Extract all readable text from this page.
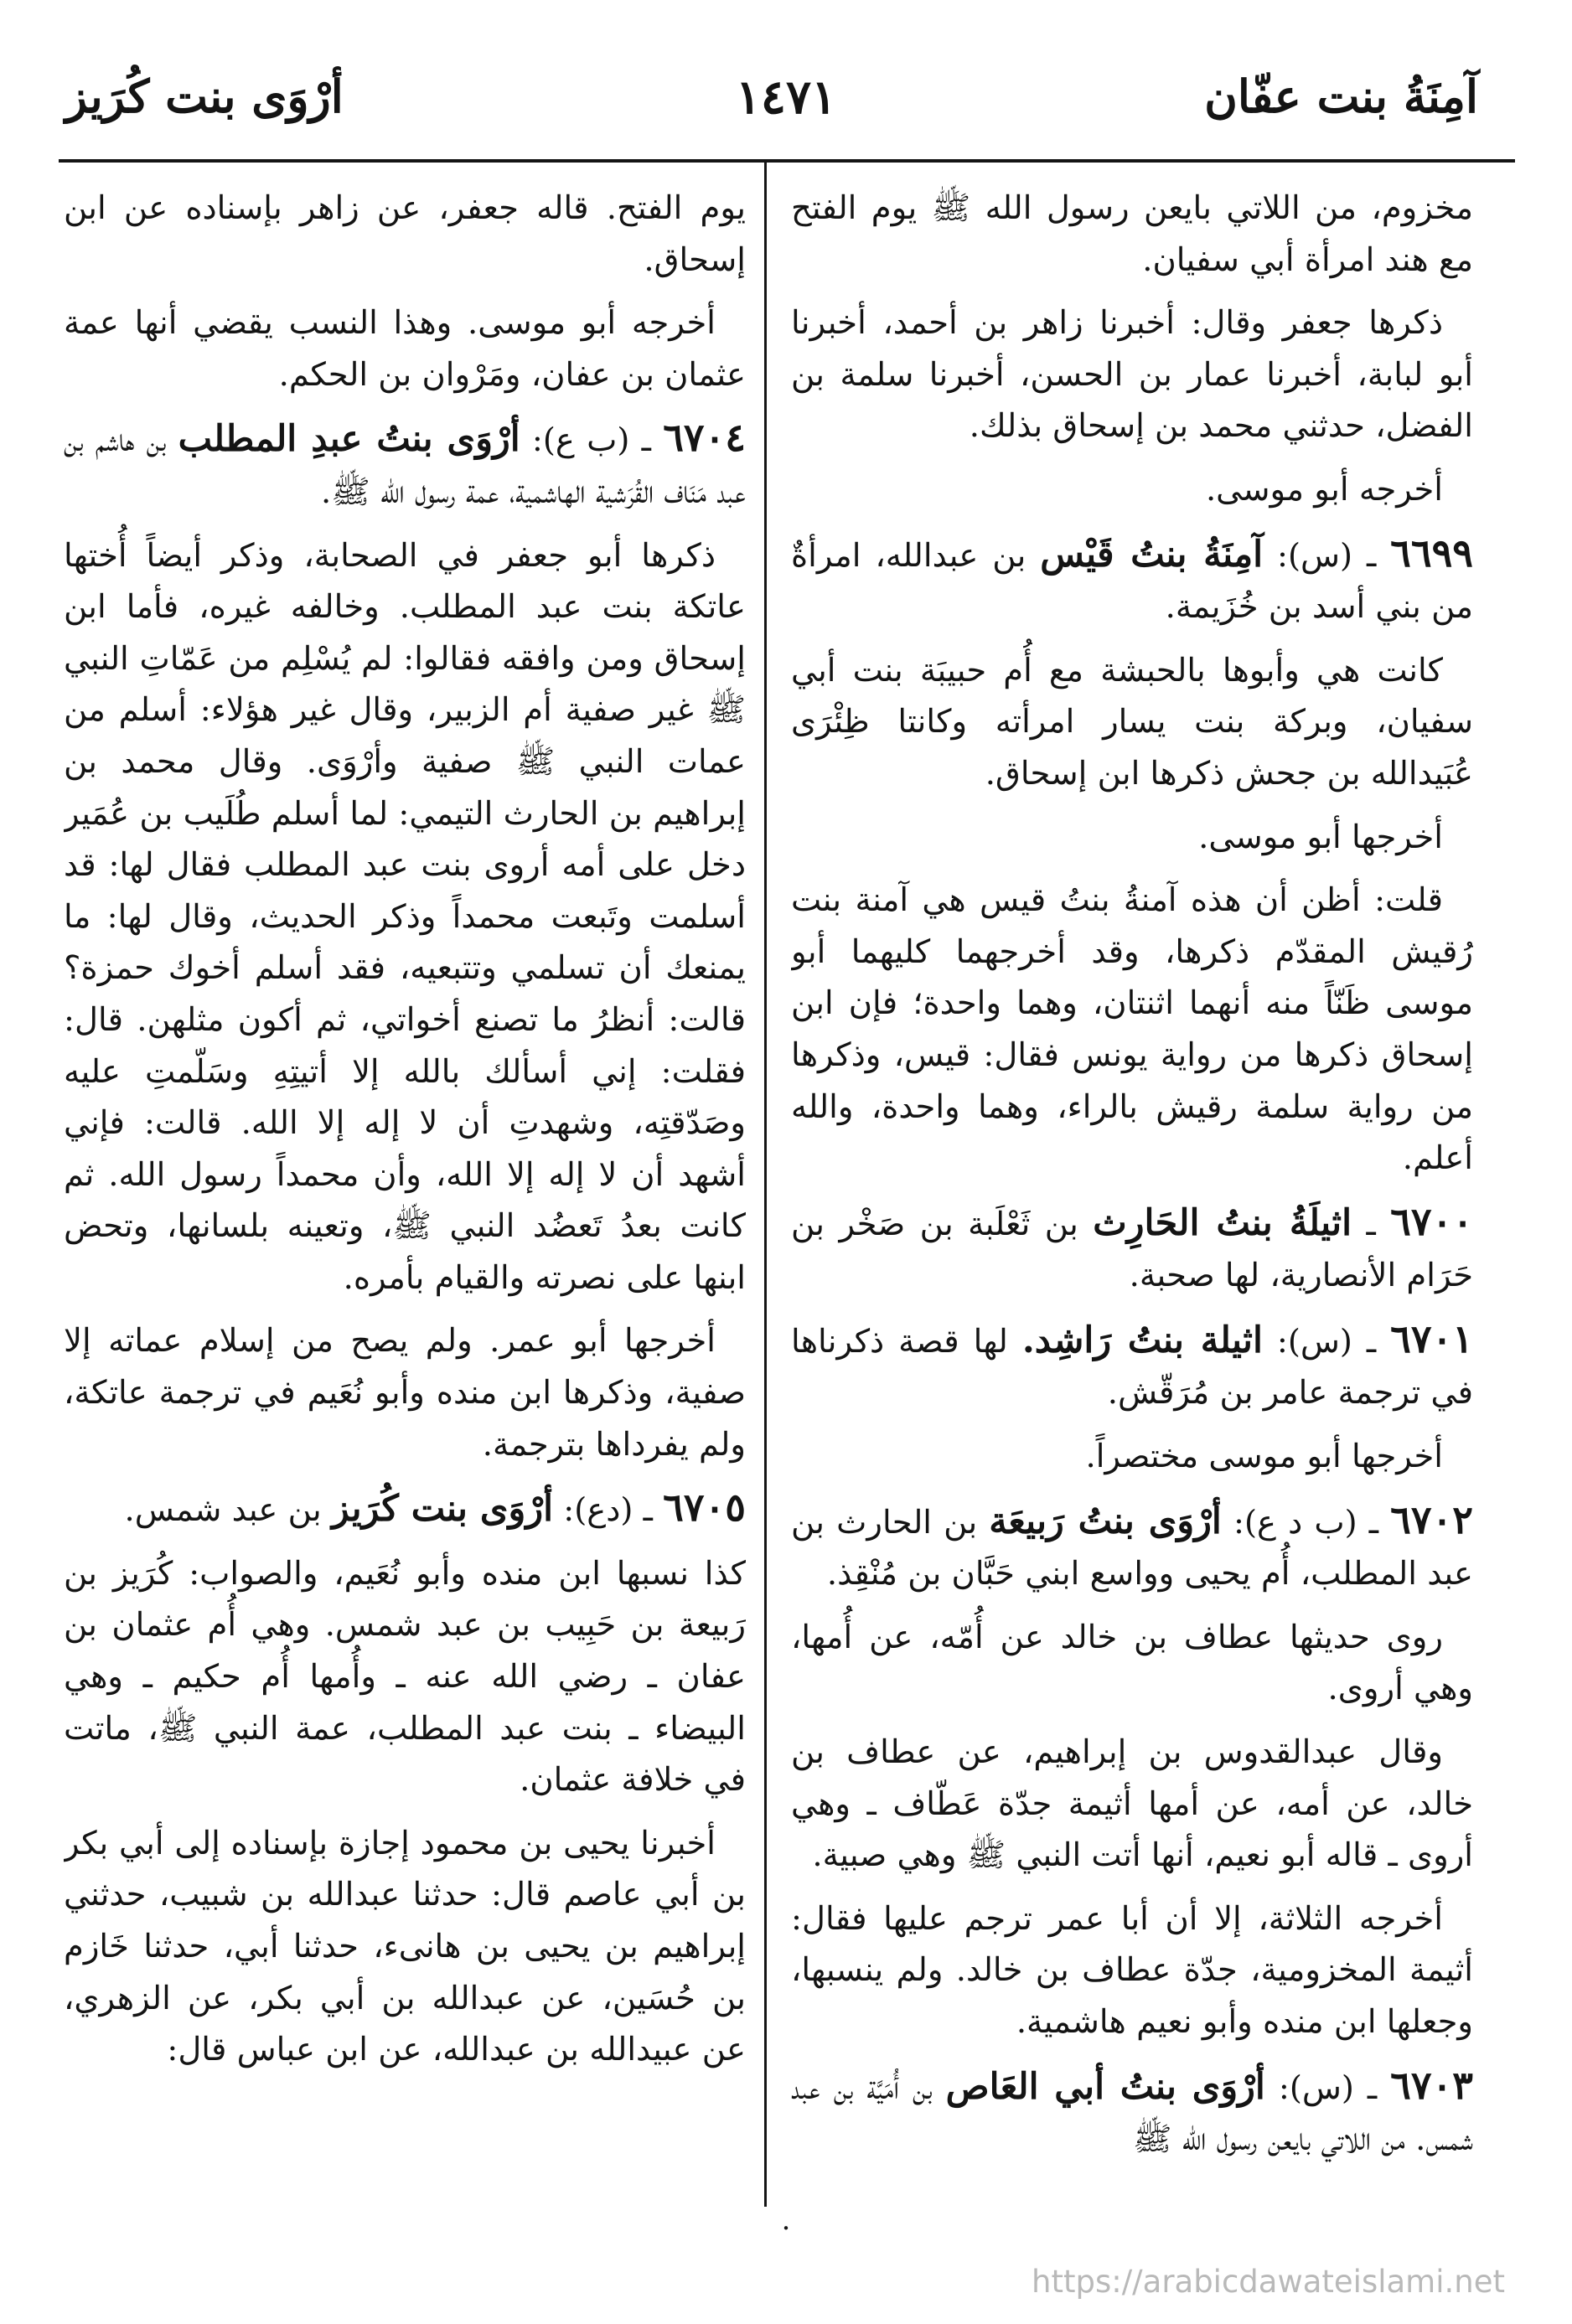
آمِنَةُ بنت عفّان
١٤٧١
أرْوَى بنت كُرَيز

مخزوم، من اللاتي بايعن رسول الله ﷺ يوم الفتح مع هند امرأة أبي سفيان.

ذكرها جعفر وقال: أخبرنا زاهر بن أحمد، أخبرنا أبو لبابة، أخبرنا عمار بن الحسن، أخبرنا سلمة بن الفضل، حدثني محمد بن إسحاق بذلك.

أخرجه أبو موسى.

٦٦٩٩ ـ (س): آمِنَةُ بنتُ قَيْس بن عبدالله، امرأةٌ من بني أسد بن خُزَيمة.

كانت هي وأبوها بالحبشة مع أُم حبيبَة بنت أبي سفيان، وبركة بنت يسار امرأته وكانتا ظِئْرَى عُبَيدالله بن جحش ذكرها ابن إسحاق.

أخرجها أبو موسى.

قلت: أظن أن هذه آمنةُ بنتُ قيس هي آمنة بنت رُقيش المقدّم ذكرها، وقد أخرجهما كليهما أبو موسى ظَنّاً منه أنهما اثنتان، وهما واحدة؛ فإن ابن إسحاق ذكرها من رواية يونس فقال: قيس، وذكرها من رواية سلمة رقيش بالراء، وهما واحدة، والله أعلم.

٦٧٠٠ ـ اثيلَةُ بنتُ الحَارِث بن ثَعْلَبة بن صَخْر بن حَرَام الأنصارية، لها صحبة.

٦٧٠١ ـ (س): اثيلة بنتُ رَاشِد. لها قصة ذكرناها في ترجمة عامر بن مُرَقّش.

أخرجها أبو موسى مختصراً.

٦٧٠٢ ـ (ب د ع): أرْوَى بنتُ رَبيعَة بن الحارث بن عبد المطلب، أُم يحيى وواسع ابني حَبَّان بن مُنْقِذ.

روى حديثها عطاف بن خالد عن أُمّه، عن أُمها، وهي أروى.

وقال عبدالقدوس بن إبراهيم، عن عطاف بن خالد، عن أمه، عن أمها أثيمة جدّة عَطّاف ـ وهي أروى ـ قاله أبو نعيم، أنها أتت النبي ﷺ وهي صبية.

أخرجه الثلاثة، إلا أن أبا عمر ترجم عليها فقال: أثيمة المخزومية، جدّة عطاف بن خالد. ولم ينسبها، وجعلها ابن منده وأبو نعيم هاشمية.

٦٧٠٣ ـ (س): أرْوَى بنتُ أبي العَاص بن أُمَيَّة بن عبد شمس. من اللاتي بايعن رسول الله ﷺ

يوم الفتح. قاله جعفر، عن زاهر بإسناده عن ابن إسحاق.

أخرجه أبو موسى. وهذا النسب يقضي أنها عمة عثمان بن عفان، ومَرْوان بن الحكم.

٦٧٠٤ ـ (ب ع): أرْوَى بنتُ عبدِ المطلب بن هاشم بن عبد مَنَاف القُرَشية الهاشمية، عمة رسول الله ﷺ.

ذكرها أبو جعفر في الصحابة، وذكر أيضاً أُختها عاتكة بنت عبد المطلب. وخالفه غيره، فأما ابن إسحاق ومن وافقه فقالوا: لم يُسْلِم من عَمّاتِ النبي ﷺ غير صفية أم الزبير، وقال غير هؤلاء: أسلم من عمات النبي ﷺ صفية وأرْوَى. وقال محمد بن إبراهيم بن الحارث التيمي: لما أسلم طُلَيب بن عُمَير دخل على أمه أروى بنت عبد المطلب فقال لها: قد أسلمت وتَبعت محمداً وذكر الحديث، وقال لها: ما يمنعك أن تسلمي وتتبعيه، فقد أسلم أخوك حمزة؟ قالت: أنظرُ ما تصنع أخواتي، ثم أكون مثلهن. قال: فقلت: إني أسألك بالله إلا أتيتِهِ وسَلّمتِ عليه وصَدّقتِه، وشهدتِ أن لا إله إلا الله. قالت: فإني أشهد أن لا إله إلا الله، وأن محمداً رسول الله. ثم كانت بعدُ تَعضُد النبي ﷺ، وتعينه بلسانها، وتحض ابنها على نصرته والقيام بأمره.

أخرجها أبو عمر. ولم يصح من إسلام عماته إلا صفية، وذكرها ابن منده وأبو نُعَيم في ترجمة عاتكة، ولم يفرداها بترجمة.

٦٧٠٥ ـ (دع): أرْوَى بنت كُرَيز بن عبد شمس.

كذا نسبها ابن منده وأبو نُعَيم، والصواب: كُرَيز بن رَبيعة بن حَبِيب بن عبد شمس. وهي أُم عثمان بن عفان ـ رضي الله عنه ـ وأُمها أُم حكيم ـ وهي البيضاء ـ بنت عبد المطلب، عمة النبي ﷺ، ماتت في خلافة عثمان.

أخبرنا يحيى بن محمود إجازة بإسناده إلى أبي بكر بن أبي عاصم قال: حدثنا عبدالله بن شبيب، حدثني إبراهيم بن يحيى بن هانىء، حدثنا أبي، حدثنا خَازم بن حُسَين، عن عبدالله بن أبي بكر، عن الزهري، عن عبيدالله بن عبدالله، عن ابن عباس قال:

·
https://arabicdawateislami.net
